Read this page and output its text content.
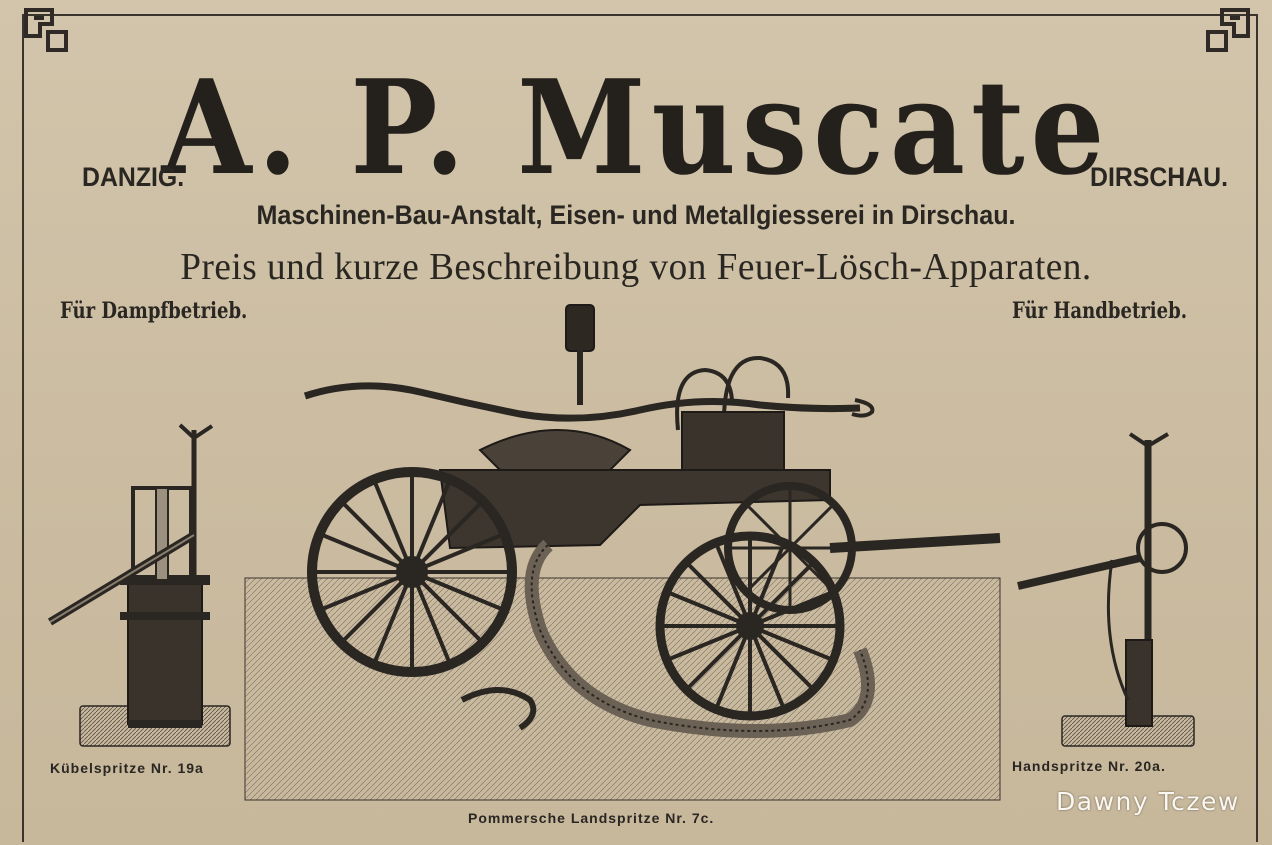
A. P. Muscate
DANZIG.	DIRSCHAU.
Maschinen-Bau-Anstalt, Eisen- und Metallgiesserei in Dirschau.
Preis und kurze Beschreibung von Feuer-Lösch-Apparaten.
Für Dampfbetrieb.	Für Handbetrieb.
Kübelspritze Nr. 19a
Pommersche Landspritze Nr. 7c.
Handspritze Nr. 20a.
Dawny Tczew
